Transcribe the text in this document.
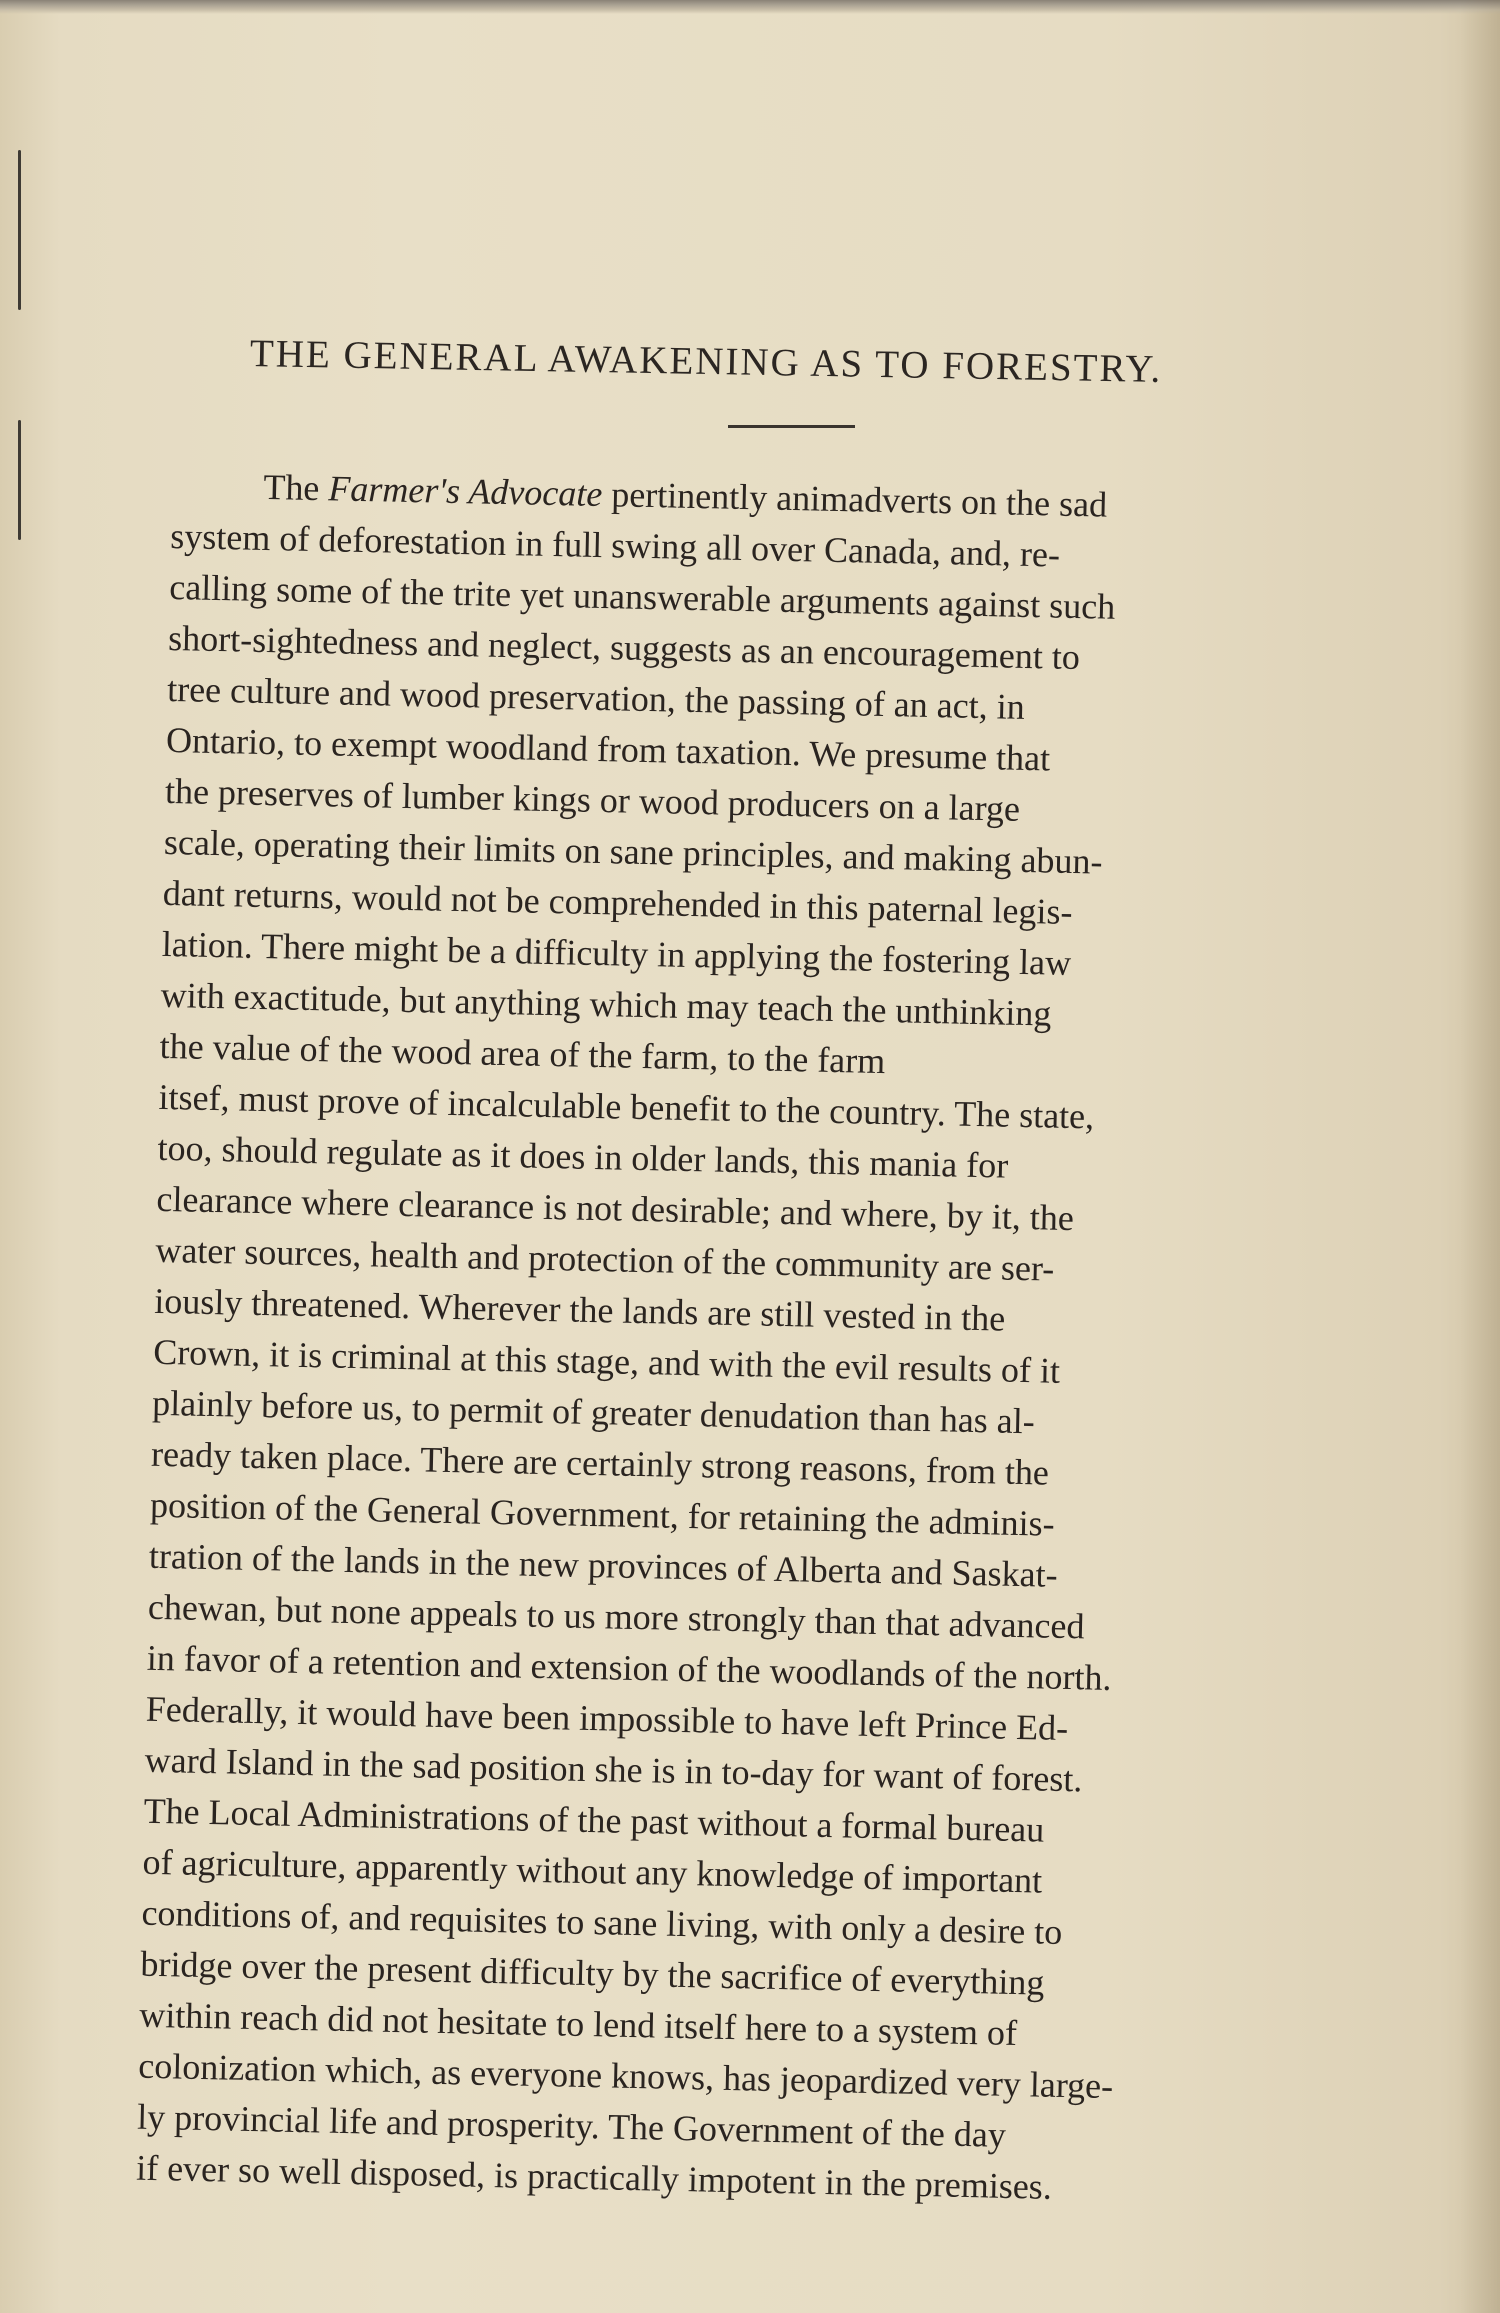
THE GENERAL AWAKENING AS TO FORESTRY.
The Farmer's Advocate pertinently animadverts on the sad
system of deforestation in full swing all over Canada, and, re-
calling some of the trite yet unanswerable arguments against such
short-sightedness and neglect, suggests as an encouragement to
tree culture and wood preservation, the passing of an act, in
Ontario, to exempt woodland from taxation. We presume that
the preserves of lumber kings or wood producers on a large
scale, operating their limits on sane principles, and making abun-
dant returns, would not be comprehended in this paternal legis-
lation. There might be a difficulty in applying the fostering law
with exactitude, but anything which may teach the unthinking
the value of the wood area of the farm, to the farm
itsef, must prove of incalculable benefit to the country. The state,
too, should regulate as it does in older lands, this mania for
clearance where clearance is not desirable; and where, by it, the
water sources, health and protection of the community are ser-
iously threatened. Wherever the lands are still vested in the
Crown, it is criminal at this stage, and with the evil results of it
plainly before us, to permit of greater denudation than has al-
ready taken place. There are certainly strong reasons, from the
position of the General Government, for retaining the adminis-
tration of the lands in the new provinces of Alberta and Saskat-
chewan, but none appeals to us more strongly than that advanced
in favor of a retention and extension of the woodlands of the north.
Federally, it would have been impossible to have left Prince Ed-
ward Island in the sad position she is in to-day for want of forest.
The Local Administrations of the past without a formal bureau
of agriculture, apparently without any knowledge of important
conditions of, and requisites to sane living, with only a desire to
bridge over the present difficulty by the sacrifice of everything
within reach did not hesitate to lend itself here to a system of
colonization which, as everyone knows, has jeopardized very large-
ly provincial life and prosperity. The Government of the day
if ever so well disposed, is practically impotent in the premises.
